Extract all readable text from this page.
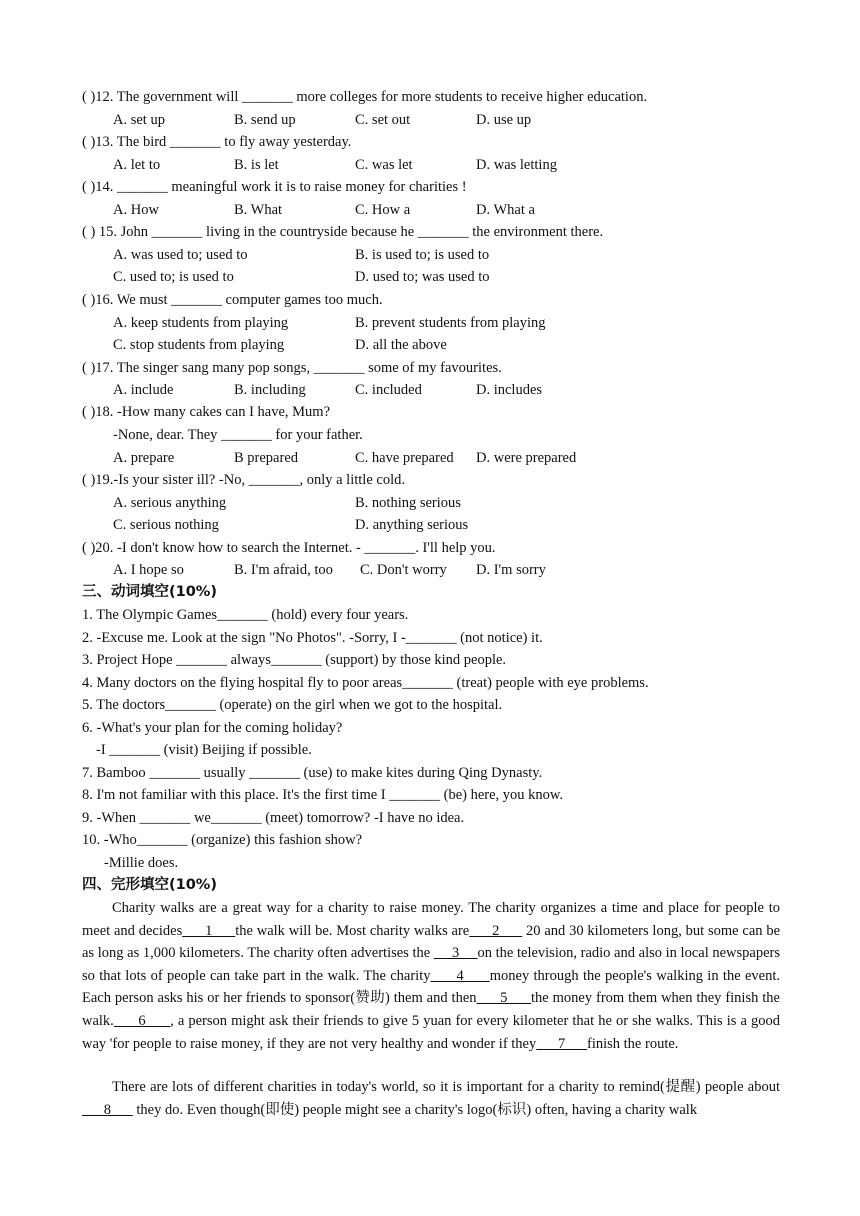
( )12. The government will _______ more colleges for more students to receive higher education.
A. set up	B. send up	C. set out	D. use up
( )13. The bird _______ to fly away yesterday.
A. let to	B. is let	C. was let	D. was letting
( )14. _______ meaningful work it is to raise money for charities !
A. How	B. What	C. How a	D. What a
( ) 15. John _______ living in the countryside because he _______ the environment there.
A. was used to; used to	B. is used to; is used to
C. used to; is used to	D. used to; was used to
( )16. We must _______ computer games too much.
A. keep students from playing	B. prevent students from playing
C. stop students from playing	D. all the above
( )17. The singer sang many pop songs, _______ some of my favourites.
A. include	B. including	C. included	D. includes
( )18. -How many cakes can I have, Mum?
-None, dear. They _______ for your father.
A. prepare	B prepared	C. have prepared D. were prepared
( )19.-Is your sister ill? -No, _______, only a little cold.
A. serious anything	B. nothing serious
C. serious nothing	D. anything serious
( )20. -I don't know how to search the Internet. - _______. I'll help you.
A. I hope so	B. I'm afraid, too C. Don't worry D. I'm sorry
三、动词填空(10%)
1. The Olympic Games_______ (hold) every four years.
2. -Excuse me. Look at the sign "No Photos". -Sorry, I -_______ (not notice) it.
3. Project Hope _______ always_______ (support) by those kind people.
4. Many doctors on the flying hospital fly to poor areas_______ (treat) people with eye problems.
5. The doctors_______ (operate) on the girl when we got to the hospital.
6. -What's your plan for the coming holiday?
-I _______ (visit) Beijing if possible.
7. Bamboo _______ usually _______ (use) to make kites during Qing Dynasty.
8. I'm not familiar with this place. It's the first time I _______ (be) here, you know.
9. -When _______ we_______ (meet) tomorrow? -I have no idea.
10. -Who_______ (organize) this fashion show?
-Millie does.
四、完形填空(10%)
Charity walks are a great way for a charity to raise money. The charity organizes a time and place for people to meet and decides      1      the walk will be. Most charity walks are      2       20 and 30 kilometers long, but some can be as long as 1,000 kilometers. The charity often advertises the      3     on the television, radio and also in local newspapers so that lots of people can take part in the walk. The charity      4      money through the people's walking in the event. Each person asks his or her friends to sponsor(赞助) them and then      5      the money from them when they finish the walk.      6      , a person might ask their friends to give 5 yuan for every kilometer that he or she walks. This is a good way 'for people to raise money, if they are not very healthy and wonder if they      7      finish the route.
There are lots of different charities in today's world, so it is important for a charity to remind(提醒) people about       8       they do. Even though(即使) people might see a charity's logo(标识) often, having a charity walk
